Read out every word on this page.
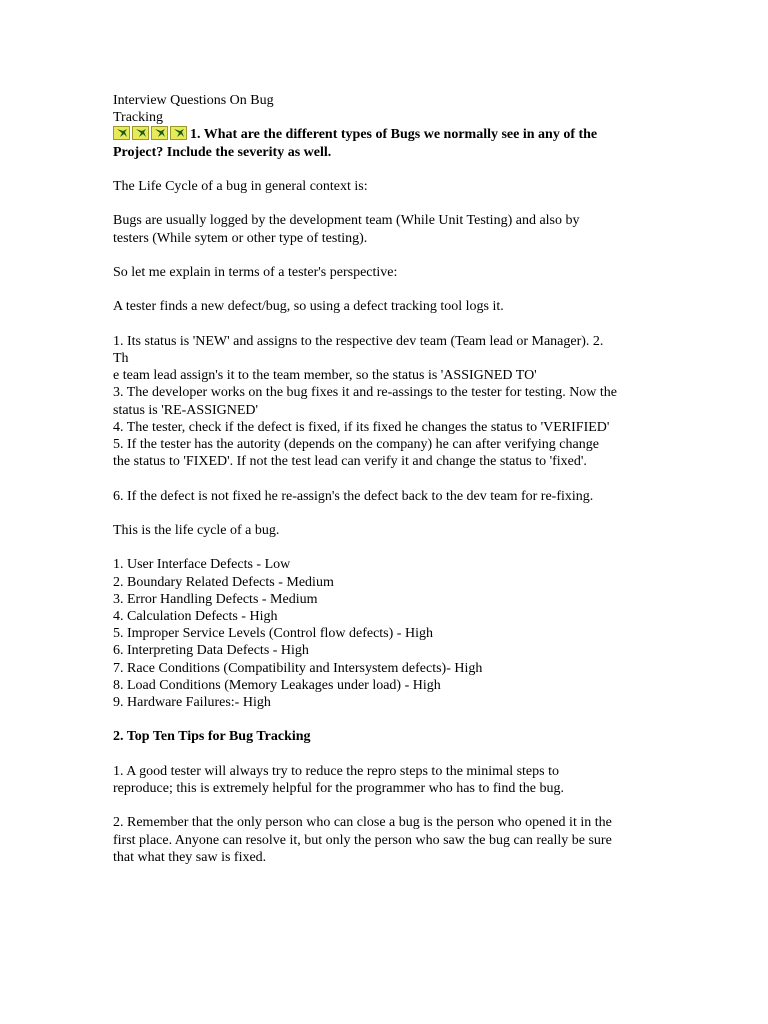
Interview Questions On Bug
Tracking
1. What are the different types of Bugs we normally see in any of the
Project? Include the severity as well.
The Life Cycle of a bug in general context is:
Bugs are usually logged by the development team (While Unit Testing) and also by
testers (While sytem or other type of testing).
So let me explain in terms of a tester's perspective:
A tester finds a new defect/bug, so using a defect tracking tool logs it.
1. Its status is 'NEW' and assigns to the respective dev team (Team lead or Manager). 2.
Th
e team lead assign's it to the team member, so the status is 'ASSIGNED TO'
3. The developer works on the bug fixes it and re-assings to the tester for testing. Now the
status is 'RE-ASSIGNED'
4. The tester, check if the defect is fixed, if its fixed he changes the status to 'VERIFIED'
5. If the tester has the autority (depends on the company) he can after verifying change
the status to 'FIXED'. If not the test lead can verify it and change the status to 'fixed'.
6. If the defect is not fixed he re-assign's the defect back to the dev team for re-fixing.
This is the life cycle of a bug.
1. User Interface Defects - Low
2. Boundary Related Defects - Medium
3. Error Handling Defects - Medium
4. Calculation Defects - High
5. Improper Service Levels (Control flow defects) - High
6. Interpreting Data Defects - High
7. Race Conditions (Compatibility and Intersystem defects)- High
8. Load Conditions (Memory Leakages under load) - High
9. Hardware Failures:- High
2. Top Ten Tips for Bug Tracking
1. A good tester will always try to reduce the repro steps to the minimal steps to
reproduce; this is extremely helpful for the programmer who has to find the bug.
2. Remember that the only person who can close a bug is the person who opened it in the
first place. Anyone can resolve it, but only the person who saw the bug can really be sure
that what they saw is fixed.
